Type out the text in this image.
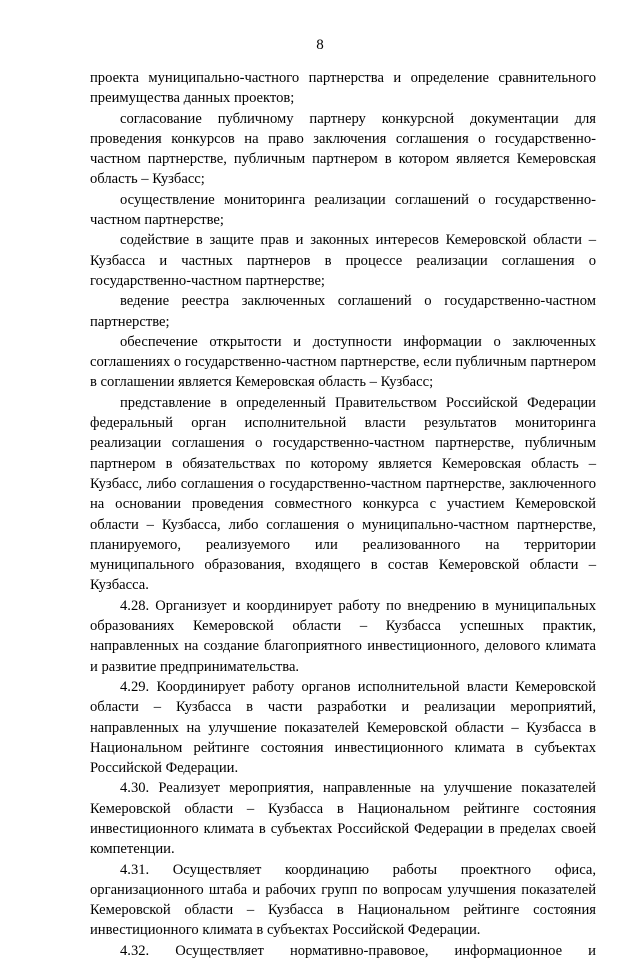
8

проекта муниципально-частного партнерства и определение сравнительного преимущества данных проектов;

согласование публичному партнеру конкурсной документации для проведения конкурсов на право заключения соглашения о государственно-частном партнерстве, публичным партнером в котором является Кемеровская область – Кузбасс;

осуществление мониторинга реализации соглашений о государственно-частном партнерстве;

содействие в защите прав и законных интересов Кемеровской области – Кузбасса и частных партнеров в процессе реализации соглашения о государственно-частном партнерстве;

ведение реестра заключенных соглашений о государственно-частном партнерстве;

обеспечение открытости и доступности информации о заключенных соглашениях о государственно-частном партнерстве, если публичным партнером в соглашении является Кемеровская область – Кузбасс;

представление в определенный Правительством Российской Федерации федеральный орган исполнительной власти результатов мониторинга реализации соглашения о государственно-частном партнерстве, публичным партнером в обязательствах по которому является Кемеровская область – Кузбасс, либо соглашения о государственно-частном партнерстве, заключенного на основании проведения совместного конкурса с участием Кемеровской области – Кузбасса, либо соглашения о муниципально-частном партнерстве, планируемого, реализуемого или реализованного на территории муниципального образования, входящего в состав Кемеровской области – Кузбасса.

4.28. Организует и координирует работу по внедрению в муниципальных образованиях Кемеровской области – Кузбасса успешных практик, направленных на создание благоприятного инвестиционного, делового климата и развитие предпринимательства.

4.29. Координирует работу органов исполнительной власти Кемеровской области – Кузбасса в части разработки и реализации мероприятий, направленных на улучшение показателей Кемеровской области – Кузбасса в Национальном рейтинге состояния инвестиционного климата в субъектах Российской Федерации.

4.30. Реализует мероприятия, направленные на улучшение показателей Кемеровской области – Кузбасса в Национальном рейтинге состояния инвестиционного климата в субъектах Российской Федерации в пределах своей компетенции.

4.31. Осуществляет координацию работы проектного офиса, организационного штаба и рабочих групп по вопросам улучшения показателей Кемеровской области – Кузбасса в Национальном рейтинге состояния инвестиционного климата в субъектах Российской Федерации.

4.32. Осуществляет нормативно-правовое, информационное и
